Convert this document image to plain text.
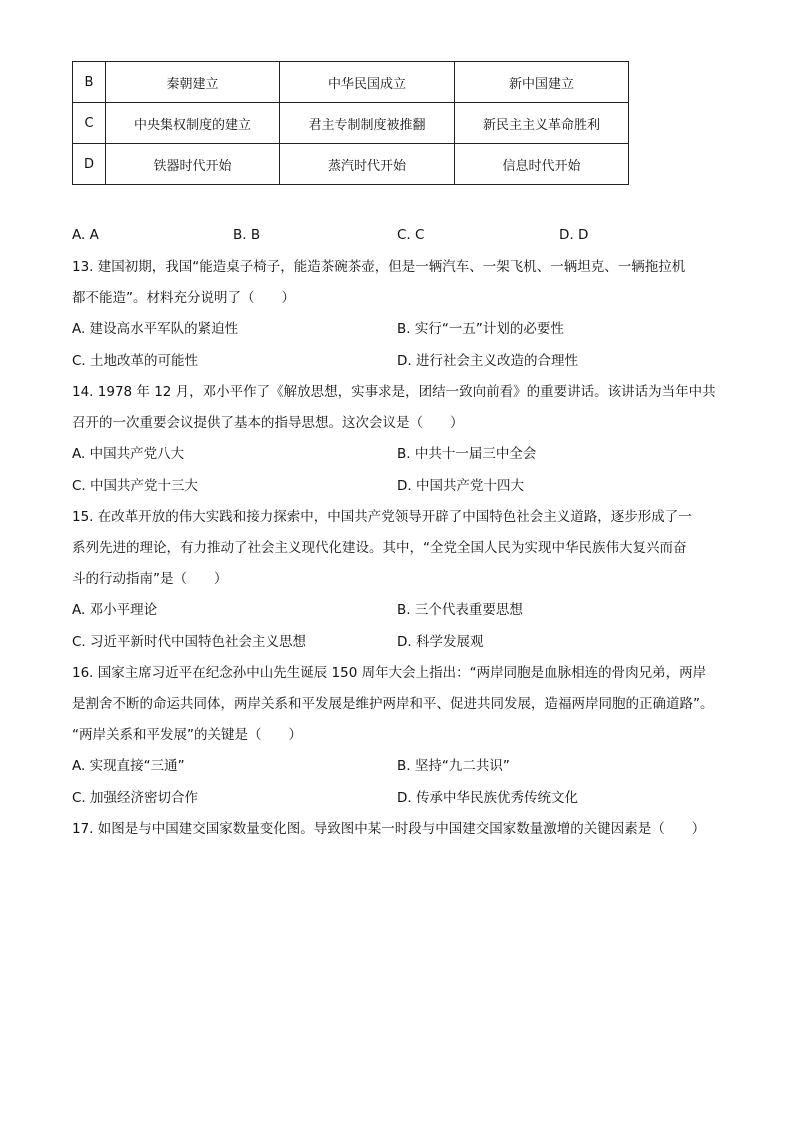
B	秦朝建立	中华民国成立	新中国建立
C	中央集权制度的建立	君主专制制度被推翻	新民主主义革命胜利
D	铁器时代开始	蒸汽时代开始	信息时代开始
A. A	B. B	C. C	D. D
13. 建国初期，我国“能造桌子椅子，能造茶碗茶壶，但是一辆汽车、一架飞机、一辆坦克、一辆拖拉机
都不能造”。材料充分说明了（　　）
A. 建设高水平军队的紧迫性	B. 实行“一五”计划的必要性
C. 土地改革的可能性	D. 进行社会主义改造的合理性
14. 1978 年 12 月，邓小平作了《解放思想，实事求是，团结一致向前看》的重要讲话。该讲话为当年中共
召开的一次重要会议提供了基本的指导思想。这次会议是（　　）
A. 中国共产党八大	B. 中共十一届三中全会
C. 中国共产党十三大	D. 中国共产党十四大
15. 在改革开放的伟大实践和接力探索中，中国共产党领导开辟了中国特色社会主义道路，逐步形成了一
系列先进的理论，有力推动了社会主义现代化建设。其中，“全党全国人民为实现中华民族伟大复兴而奋
斗的行动指南”是（　　）
A. 邓小平理论	B. 三个代表重要思想
C. 习近平新时代中国特色社会主义思想	D. 科学发展观
16. 国家主席习近平在纪念孙中山先生诞辰 150 周年大会上指出：“两岸同胞是血脉相连的骨肉兄弟，两岸
是割舍不断的命运共同体，两岸关系和平发展是维护两岸和平、促进共同发展，造福两岸同胞的正确道路”。
“两岸关系和平发展”的关键是（　　）
A. 实现直接“三通”	B. 坚持“九二共识”
C. 加强经济密切合作	D. 传承中华民族优秀传统文化
17. 如图是与中国建交国家数量变化图。导致图中某一时段与中国建交国家数量激增的关键因素是（　　）
